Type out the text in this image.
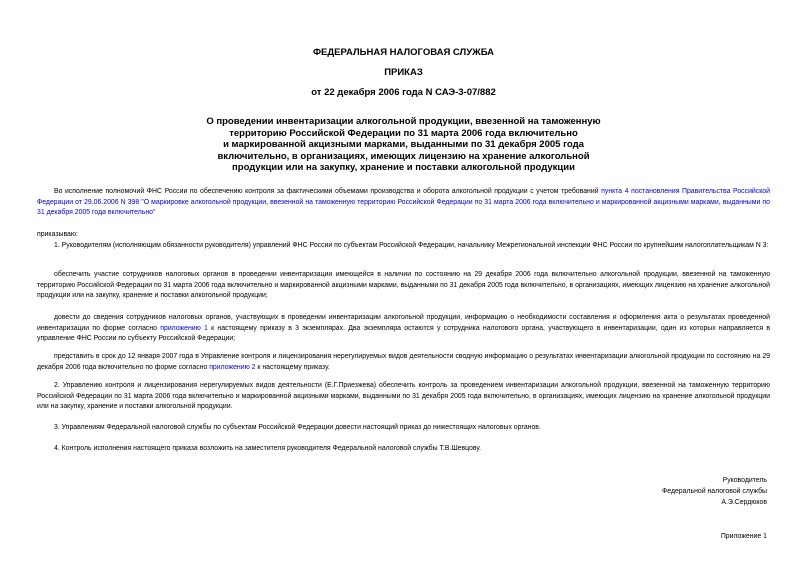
ФЕДЕРАЛЬНАЯ НАЛОГОВАЯ СЛУЖБА
ПРИКАЗ
от 22 декабря 2006 года N САЭ-3-07/882
О проведении инвентаризации алкогольной продукции, ввезенной на таможенную
территорию Российской Федерации по 31 марта 2006 года включительно
и маркированной акцизными марками, выданными по 31 декабря 2005 года
включительно, в организациях, имеющих лицензию на хранение алкогольной
продукции или на закупку, хранение и поставки алкогольной продукции
Во исполнение полномочий ФНС России по обеспечению контроля за фактическими объемами производства и оборота алкогольной продукции с учетом требований пункта 4 постановления Правительства Российской Федерации от 29.06.2006 N 398 "О маркировке алкогольной продукции, ввезенной на таможенную территорию Российской Федерации по 31 марта 2006 года включительно и маркированной акцизными марками, выданными по 31 декабря 2005 года включительно"
приказываю:
1. Руководителям (исполняющим обязанности руководителя) управлений ФНС России по субъектам Российской Федерации, начальнику Межрегиональной инспекции ФНС России по крупнейшим налогоплательщикам N 3:
обеспечить участие сотрудников налоговых органов в проведении инвентаризации имеющейся в наличии по состоянию на 29 декабря 2006 года включительно алкогольной продукции, ввезенной на таможенную территорию Российской Федерации по 31 марта 2006 года включительно и маркированной акцизными марками, выданными по 31 декабря 2005 года включительно, в организациях, имеющих лицензию на хранение алкогольной продукции или на закупку, хранение и поставки алкогольной продукции;
довести до сведения сотрудников налоговых органов, участвующих в проведении инвентаризации алкогольной продукции, информацию о необходимости составления и оформления акта о результатах проведенной инвентаризации по форме согласно приложению 1 к настоящему приказу в 3 экземплярах. Два экземпляра остаются у сотрудника налогового органа, участвующего в инвентаризации, один из которых направляется в управление ФНС России по субъекту Российской Федерации;
представить в срок до 12 января 2007 года в Управление контроля и лицензирования нерегулируемых видов деятельности сводную информацию о результатах инвентаризации алкогольной продукции по состоянию на 29 декабря 2006 года включительно по форме согласно приложению 2 к настоящему приказу.
2. Управлению контроля и лицензирования нерегулируемых видов деятельности (Е.Г.Приезжева) обеспечить контроль за проведением инвентаризации алкогольной продукции, ввезенной на таможенную территорию Российской Федерации по 31 марта 2006 года включительно и маркированной акцизными марками, выданными по 31 декабря 2005 года включительно, в организациях, имеющих лицензию на хранение алкогольной продукции или на закупку, хранение и поставки алкогольной продукции.
3. Управлениям Федеральной налоговой службы по субъектам Российской Федерации довести настоящий приказ до нижестоящих налоговых органов.
4. Контроль исполнения настоящего приказа возложить на заместителя руководителя Федеральной налоговой службы Т.В.Шевцову.
Руководитель
Федеральной налоговой службы
А.Э.Сердюков
Приложение 1
